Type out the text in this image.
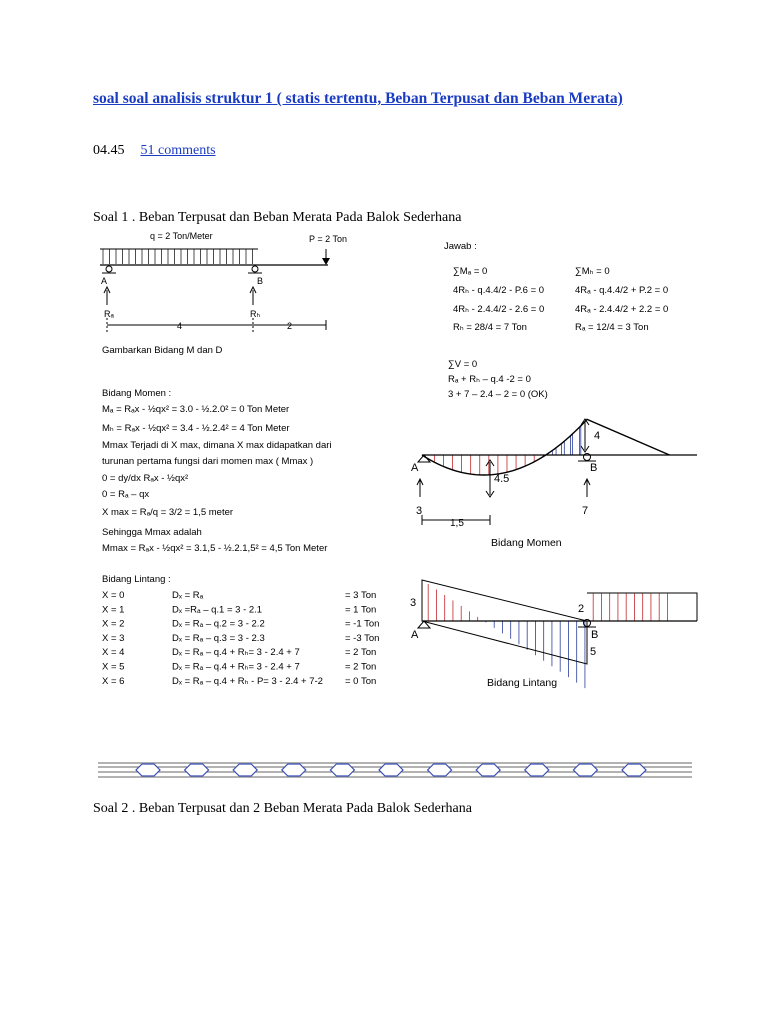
soal soal analisis struktur 1 ( statis tertentu, Beban Terpusat dan Beban Merata)
04.45 51 comments
Soal 1 . Beban Terpusat dan Beban Merata Pada Balok Sederhana
q = 2 Ton/Meter	P = 2 Ton
A	B
Rₐ	Rₕ
4	2
Gambarkan Bidang M dan D
Jawab :
∑Mₐ = 0
4Rₕ - q.4.4/2 - P.6 = 0
4Rₕ - 2.4.4/2 - 2.6 = 0
Rₕ = 28/4 = 7 Ton
∑Mₕ = 0
4Rₐ - q.4.4/2 + P.2 = 0
4Rₐ - 2.4.4/2 + 2.2 = 0
Rₐ = 12/4 = 3 Ton
∑V = 0
Rₐ + Rₕ – q.4 -2 = 0
3 + 7 – 2.4 – 2 = 0 (OK)
Bidang Momen :
Mₐ = Rₐx - ½qx² = 3.0 - ½.2.0² = 0 Ton Meter
Mₕ = Rₐx - ½qx² = 3.4 - ½.2.4² = 4 Ton Meter
Mmax Terjadi di X max, dimana X max didapatkan dari
turunan pertama fungsi dari momen max ( Mmax )
0 = dy/dx Rₐx - ½qx²
0 = Rₐ – qx
X max = Rₐ/q = 3/2 = 1,5 meter
Sehingga Mmax adalah
Mmax = Rₐx - ½qx² = 3.1,5 - ½.2.1,5² = 4,5 Ton Meter
Bidang Lintang :
X = 0	Dₓ = Rₐ	= 3 Ton
X = 1	Dₓ =Rₐ – q.1 = 3 - 2.1	= 1 Ton
X = 2	Dₓ = Rₐ – q.2 = 3 - 2.2	= -1 Ton
X = 3	Dₓ = Rₐ – q.3 = 3 - 2.3	= -3 Ton
X = 4	Dₓ = Rₐ – q.4 + Rₕ= 3 - 2.4 + 7	= 2 Ton
X = 5	Dₓ = Rₐ – q.4 + Rₕ= 3 - 2.4 + 7	= 2 Ton
X = 6	Dₓ = Rₐ – q.4 + Rₕ - P= 3 - 2.4 + 7-2 = 0 Ton
4
4.5
A	B
3	7
1,5
Bidang Momen
3	2
5
A	B
Bidang Lintang
Soal 2 . Beban Terpusat dan 2 Beban Merata Pada Balok Sederhana
